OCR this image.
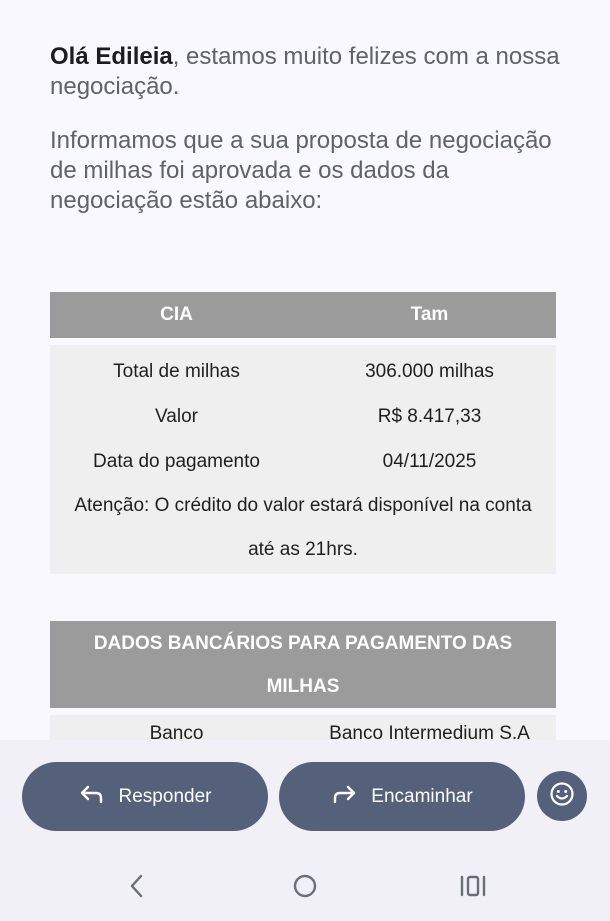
Olá Edileia, estamos muito felizes com a nossa negociação.
Informamos que a sua proposta de negociação de milhas foi aprovada e os dados da negociação estão abaixo:
CIA	Tam

Total de milhas	306.000 milhas
Valor	R$ 8.417,33
Data do pagamento	04/11/2025
Atenção: O crédito do valor estará disponível na conta até as 21hrs.	
DADOS BANCÁRIOS PARA PAGAMENTO DAS MILHAS

Banco	Banco Intermedium S.A
Responder	Encaminhar
